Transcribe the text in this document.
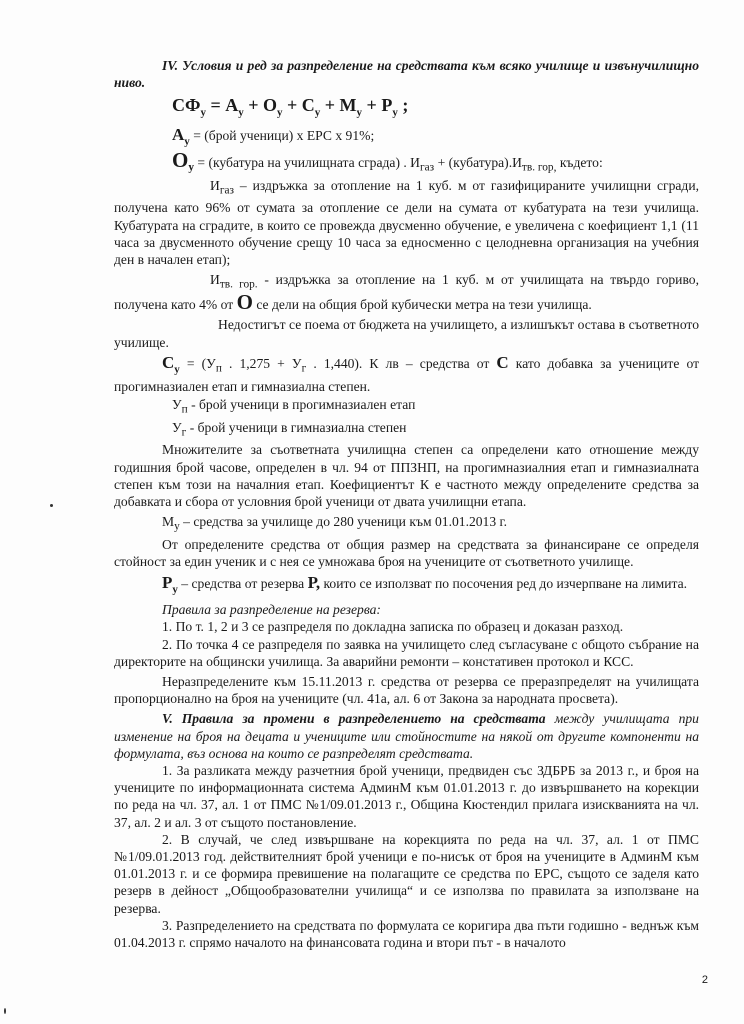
IV. Условия и ред за разпределение на средствата към всяко училище и извънучилищно ниво.

$СФ_у = А_у + О_у + С_у + М_у + Р_у$ ;

$А_у$ = (брой ученици) х ЕРС х 91%;

$О_у$ = (кубатура на училищната сграда) . $И_{газ}$ + $(кубатура).И_{тв. гор,}$ където:

$И_{газ}$ – издръжка за отопление на 1 куб. м от газифицираните училищни сгради, получена като 96% от сумата за отопление се дели на сумата от кубатурата на тези училища. Кубатурата на сградите, в които се провежда двусменно обучение, е увеличена с коефициент 1,1 (11 часа за двусменното обучение срещу 10 часа за едносменно с целодневна организация на учебния ден в начален етап);

$И_{тв. гор.}$ - издръжка за отопление на 1 куб. м от училищата на твърдо гориво, получена като 4% от О се дели на общия брой кубически метра на тези училища.

Недостигът се поема от бюджета на училището, а излишъкът остава в съответното училище.

$С_у = (У_п$ . $1,275 + У_г$ . 1,440). К лв – средства от С като добавка за учениците от прогимназиален етап и гимназиална степен.

$У_п$ - брой ученици в прогимназиален етап

$У_г$ - брой ученици в гимназиална степен

Множителите за съответната училищна степен са определени като отношение между годишния брой часове, определен в чл. 94 от ППЗНП, на прогимназиалния етап и гимназиалната степен към този на началния етап. Коефициентът К е частното между определените средства за добавката и сбора от условния брой ученици от двата училищни етапа.

$М_у$ – средства за училище до 280 ученици към 01.01.2013 г.

От определените средства от общия размер на средствата за финансиране се определя стойност за един ученик и с нея се умножава броя на учениците от съответното училище.

$Р_у$ – средства от резерва Р, които се използват по посочения ред до изчерпване на лимита.

Правила за разпределение на резерва:

1. По т. 1, 2 и 3 се разпределя по докладна записка по образец и доказан разход.

2. По точка 4 се разпределя по заявка на училището след съгласуване с общото събрание на директорите на общински училища. За аварийни ремонти – констативен протокол и КСС.

Неразпределените към 15.11.2013 г. средства от резерва се преразпределят на училищата пропорционално на броя на учениците (чл. 41а, ал. 6 от Закона за народната просвета).

V. Правила за промени в разпределението на средствата между училищата при изменение на броя на децата и учениците или стойностите на някой от другите компоненти на формулата, въз основа на които се разпределят средствата.

1. За разликата между разчетния брой ученици, предвиден със ЗДБРБ за 2013 г., и броя на учениците по информационната система АдминМ към 01.01.2013 г. до извършването на корекции по реда на чл. 37, ал. 1 от ПМС №1/09.01.2013 г., Община Кюстендил прилага изискванията на чл. 37, ал. 2 и ал. 3 от същото постановление.

2. В случай, че след извършване на корекцията по реда на чл. 37, ал. 1 от ПМС №1/09.01.2013 год. действителният брой ученици е по-нисък от броя на учениците в АдминМ към 01.01.2013 г. и се формира превишение на полагащите се средства по ЕРС, същото се заделя като резерв в дейност „Общообразователни училища“ и се използва по правилата за използване на резерва.

3. Разпределението на средствата по формулата се коригира два пъти годишно - веднъж към 01.04.2013 г. спрямо началото на финансовата година и втори път - в началото

2
